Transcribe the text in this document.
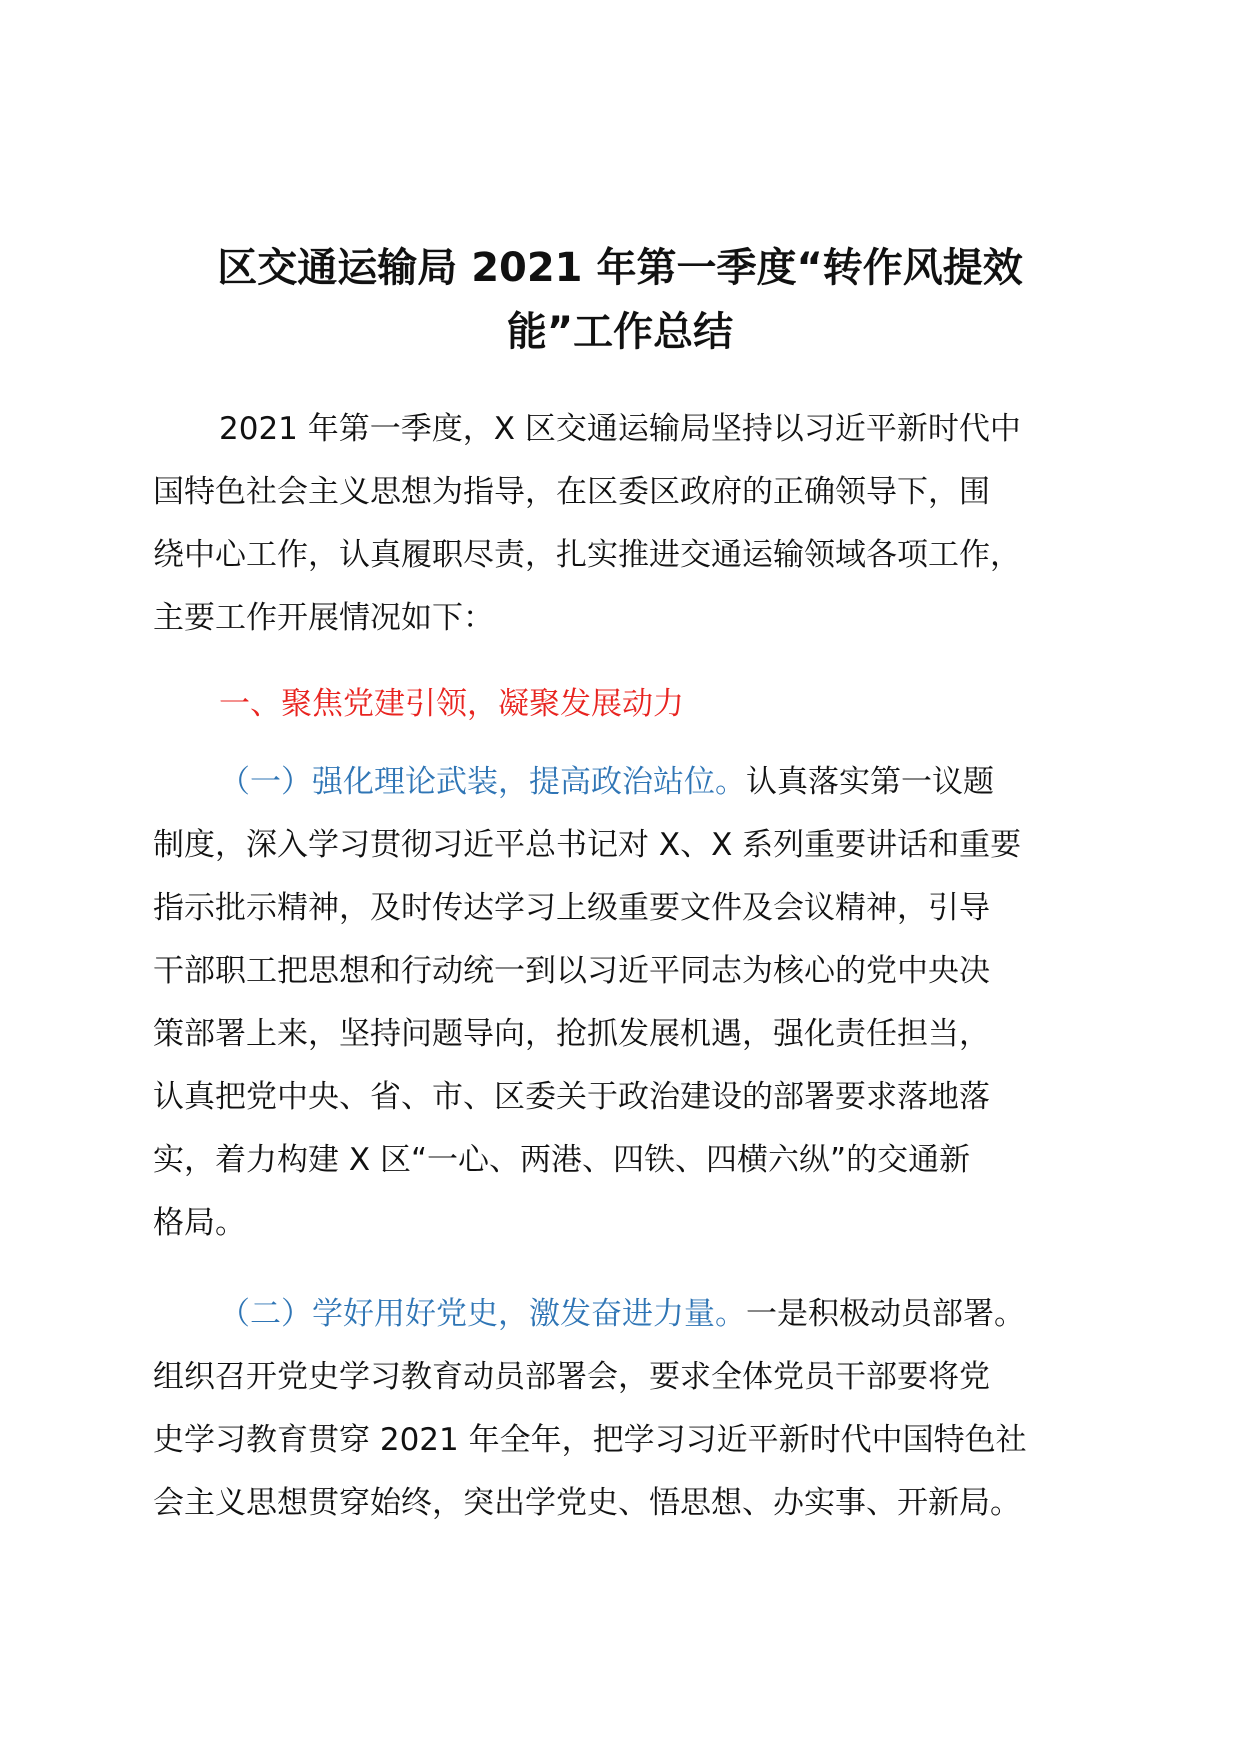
区交通运输局 2021 年第一季度“转作风提效
能”工作总结
2021 年第一季度，X 区交通运输局坚持以习近平新时代中
国特色社会主义思想为指导，在区委区政府的正确领导下，围
绕中心工作，认真履职尽责，扎实推进交通运输领域各项工作，
主要工作开展情况如下：
一、聚焦党建引领，凝聚发展动力
（一）强化理论武装，提高政治站位。认真落实第一议题
制度，深入学习贯彻习近平总书记对 X、X 系列重要讲话和重要
指示批示精神，及时传达学习上级重要文件及会议精神，引导
干部职工把思想和行动统一到以习近平同志为核心的党中央决
策部署上来，坚持问题导向，抢抓发展机遇，强化责任担当，
认真把党中央、省、市、区委关于政治建设的部署要求落地落
实，着力构建 X 区“一心、两港、四铁、四横六纵”的交通新
格局。
（二）学好用好党史，激发奋进力量。一是积极动员部署。
组织召开党史学习教育动员部署会，要求全体党员干部要将党
史学习教育贯穿 2021 年全年，把学习习近平新时代中国特色社
会主义思想贯穿始终，突出学党史、悟思想、办实事、开新局。
